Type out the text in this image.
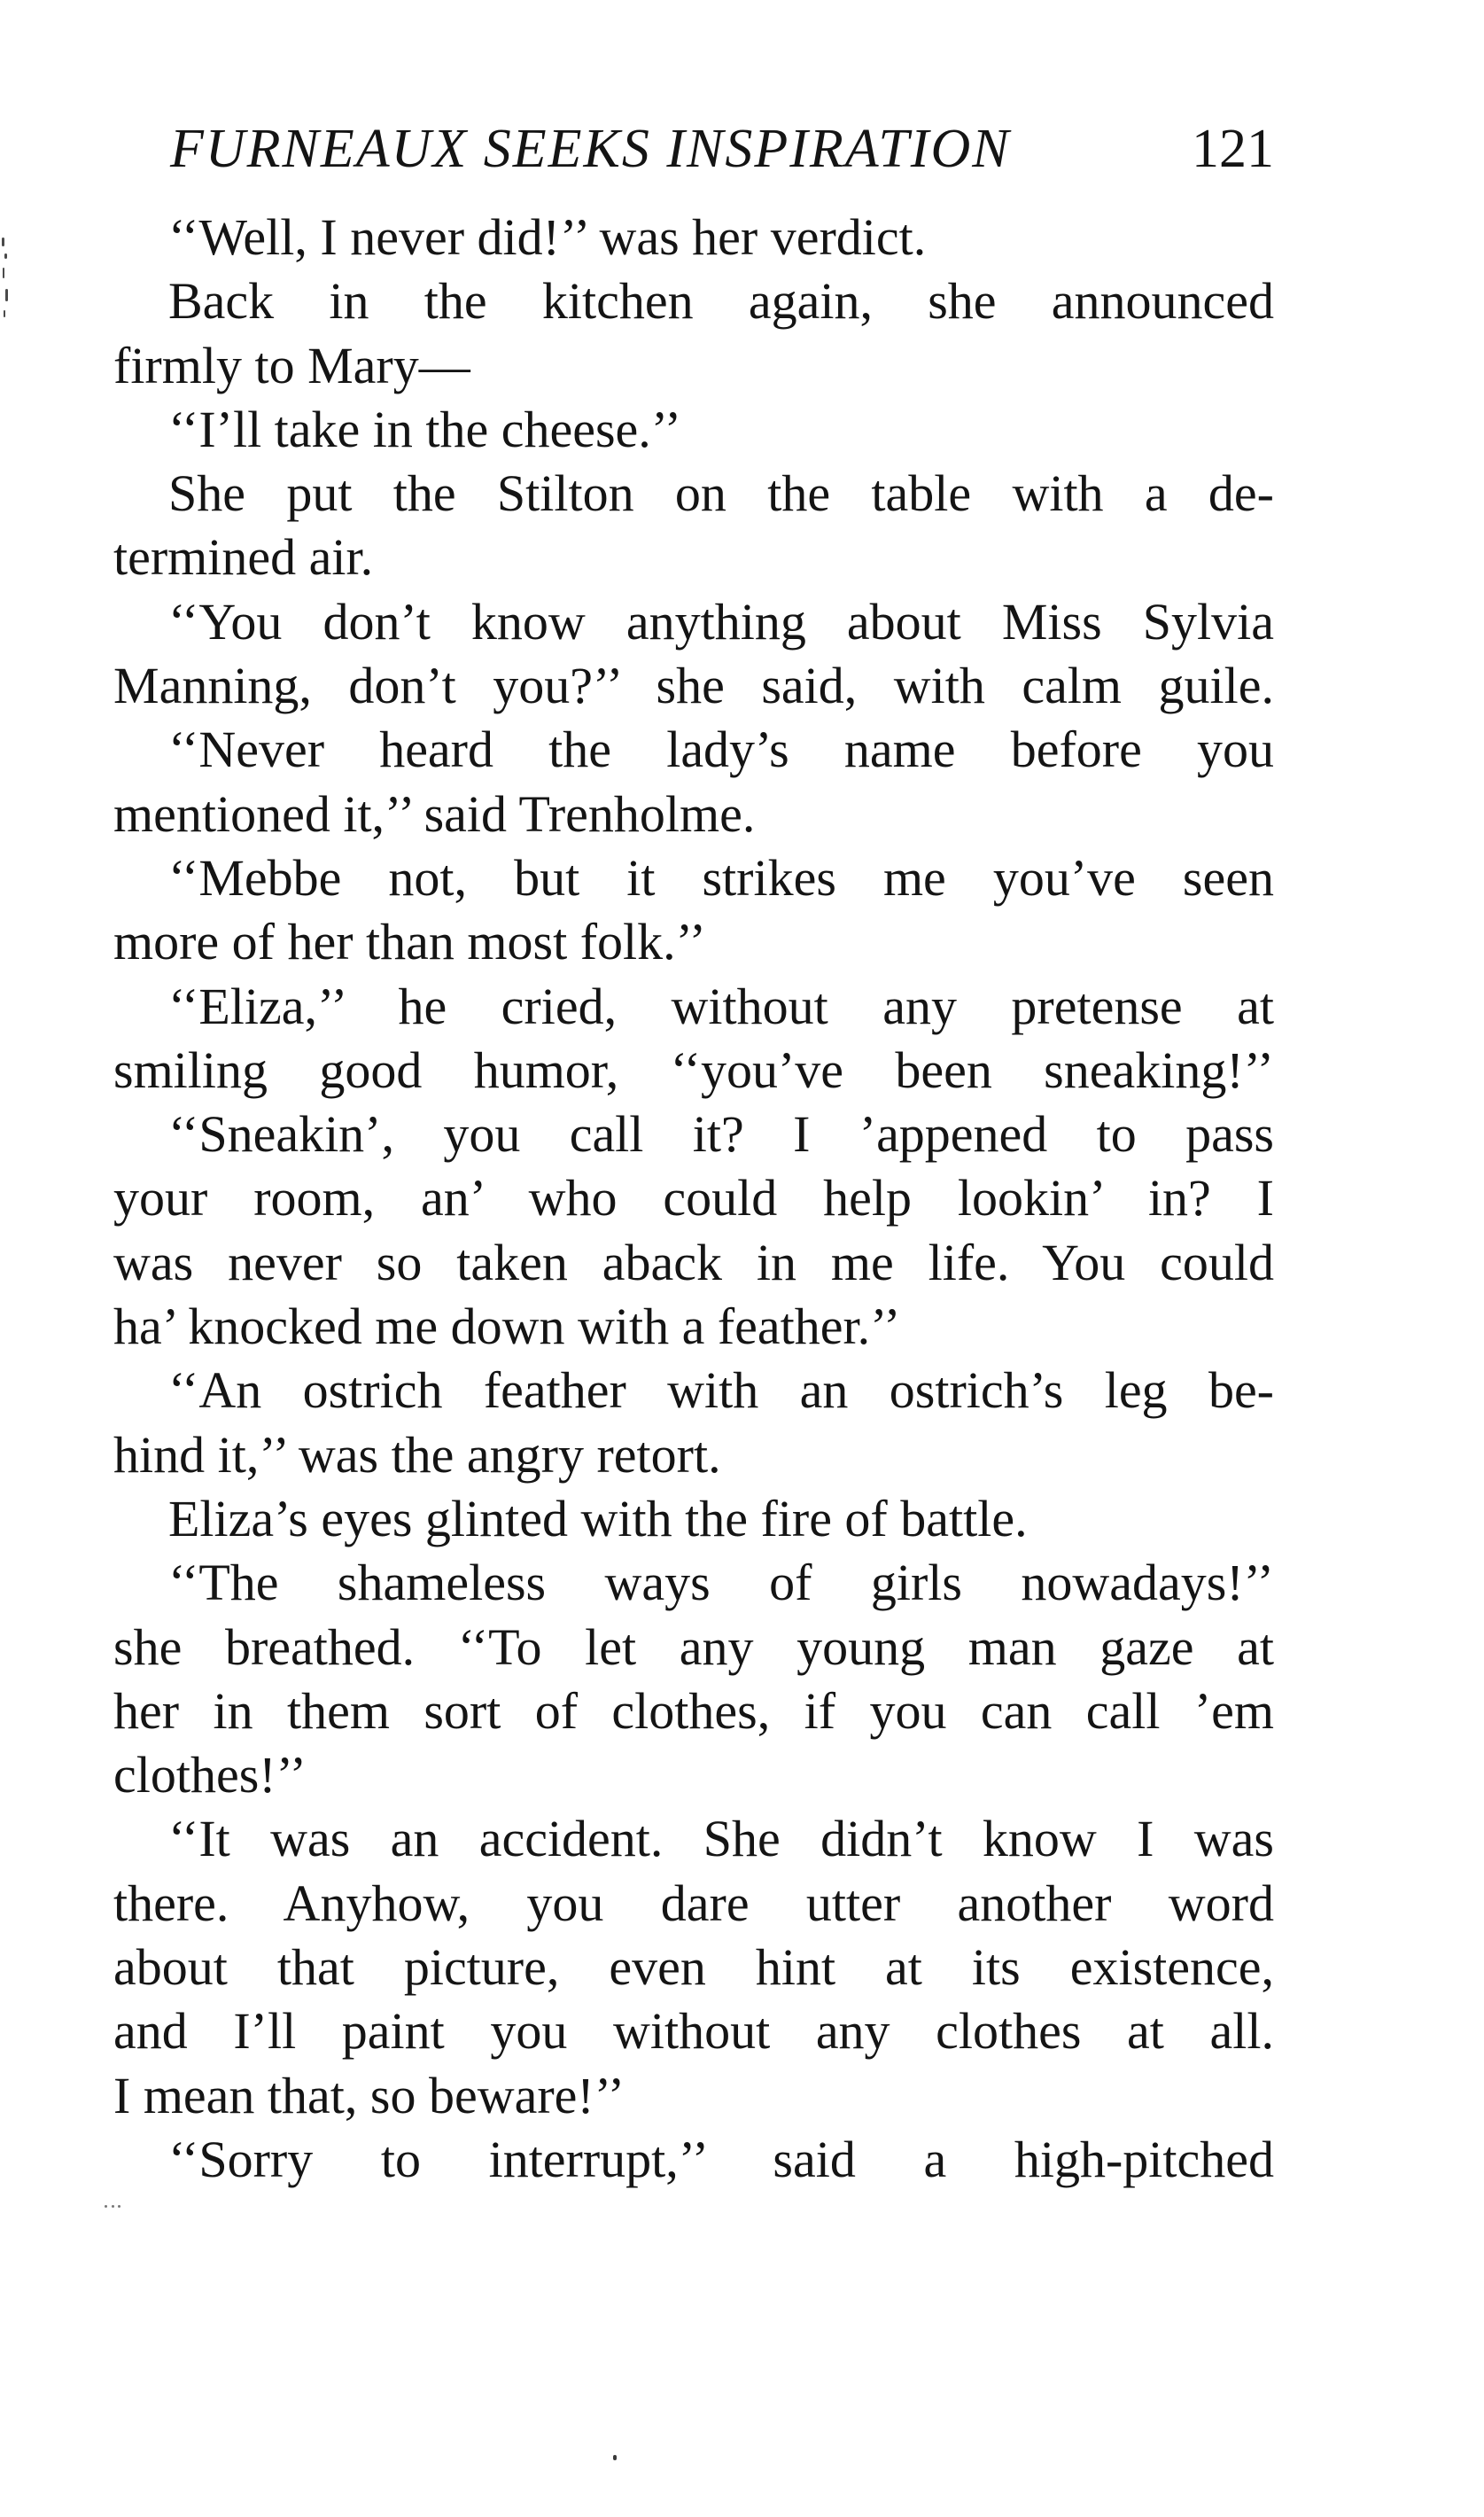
FURNEAUX SEEKS INSPIRATION	121
‘‘Well, I never did!’’ was her verdict.
Back in the kitchen again, she announced
firmly to Mary—
‘‘I’ll take in the cheese.’’
She put the Stilton on the table with a de-
termined air.
‘‘You don’t know anything about Miss Sylvia
Manning, don’t you?’’ she said, with calm guile.
‘‘Never heard the lady’s name before you
mentioned it,’’ said Trenholme.
‘‘Mebbe not, but it strikes me you’ve seen
more of her than most folk.’’
‘‘Eliza,’’ he cried, without any pretense at
smiling good humor, ‘‘you’ve been sneaking!’’
‘‘Sneakin’, you call it? I ’appened to pass
your room, an’ who could help lookin’ in? I
was never so taken aback in me life. You could
ha’ knocked me down with a feather.’’
‘‘An ostrich feather with an ostrich’s leg be-
hind it,’’ was the angry retort.
Eliza’s eyes glinted with the fire of battle.
‘‘The shameless ways of girls nowadays!’’
she breathed. ‘‘To let any young man gaze at
her in them sort of clothes, if you can call ’em
clothes!’’
‘‘It was an accident. She didn’t know I was
there. Anyhow, you dare utter another word
about that picture, even hint at its existence,
and I’ll paint you without any clothes at all.
I mean that, so beware!’’
‘‘Sorry to interrupt,’’ said a high-pitched
